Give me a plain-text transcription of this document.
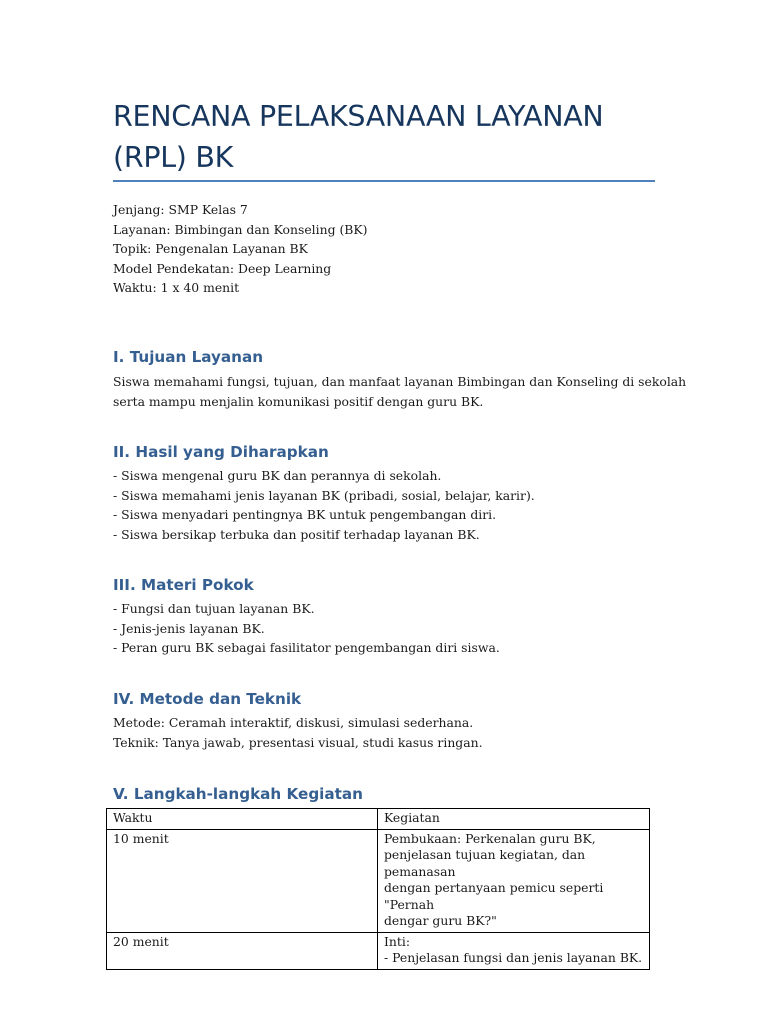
RENCANA PELAKSANAAN LAYANAN (RPL) BK
Jenjang: SMP Kelas 7
Layanan: Bimbingan dan Konseling (BK)
Topik: Pengenalan Layanan BK
Model Pendekatan: Deep Learning
Waktu: 1 x 40 menit
I. Tujuan Layanan
Siswa memahami fungsi, tujuan, dan manfaat layanan Bimbingan dan Konseling di sekolah
serta mampu menjalin komunikasi positif dengan guru BK.
II. Hasil yang Diharapkan
- Siswa mengenal guru BK dan perannya di sekolah.
- Siswa memahami jenis layanan BK (pribadi, sosial, belajar, karir).
- Siswa menyadari pentingnya BK untuk pengembangan diri.
- Siswa bersikap terbuka dan positif terhadap layanan BK.
III. Materi Pokok
- Fungsi dan tujuan layanan BK.
- Jenis-jenis layanan BK.
- Peran guru BK sebagai fasilitator pengembangan diri siswa.
IV. Metode dan Teknik
Metode: Ceramah interaktif, diskusi, simulasi sederhana.
Teknik: Tanya jawab, presentasi visual, studi kasus ringan.
V. Langkah-langkah Kegiatan
Waktu	Kegiatan
10 menit	Pembukaan: Perkenalan guru BK,
penjelasan tujuan kegiatan, dan pemanasan
dengan pertanyaan pemicu seperti "Pernah
dengar guru BK?"

20 menit	Inti:
- Penjelasan fungsi dan jenis layanan BK.
